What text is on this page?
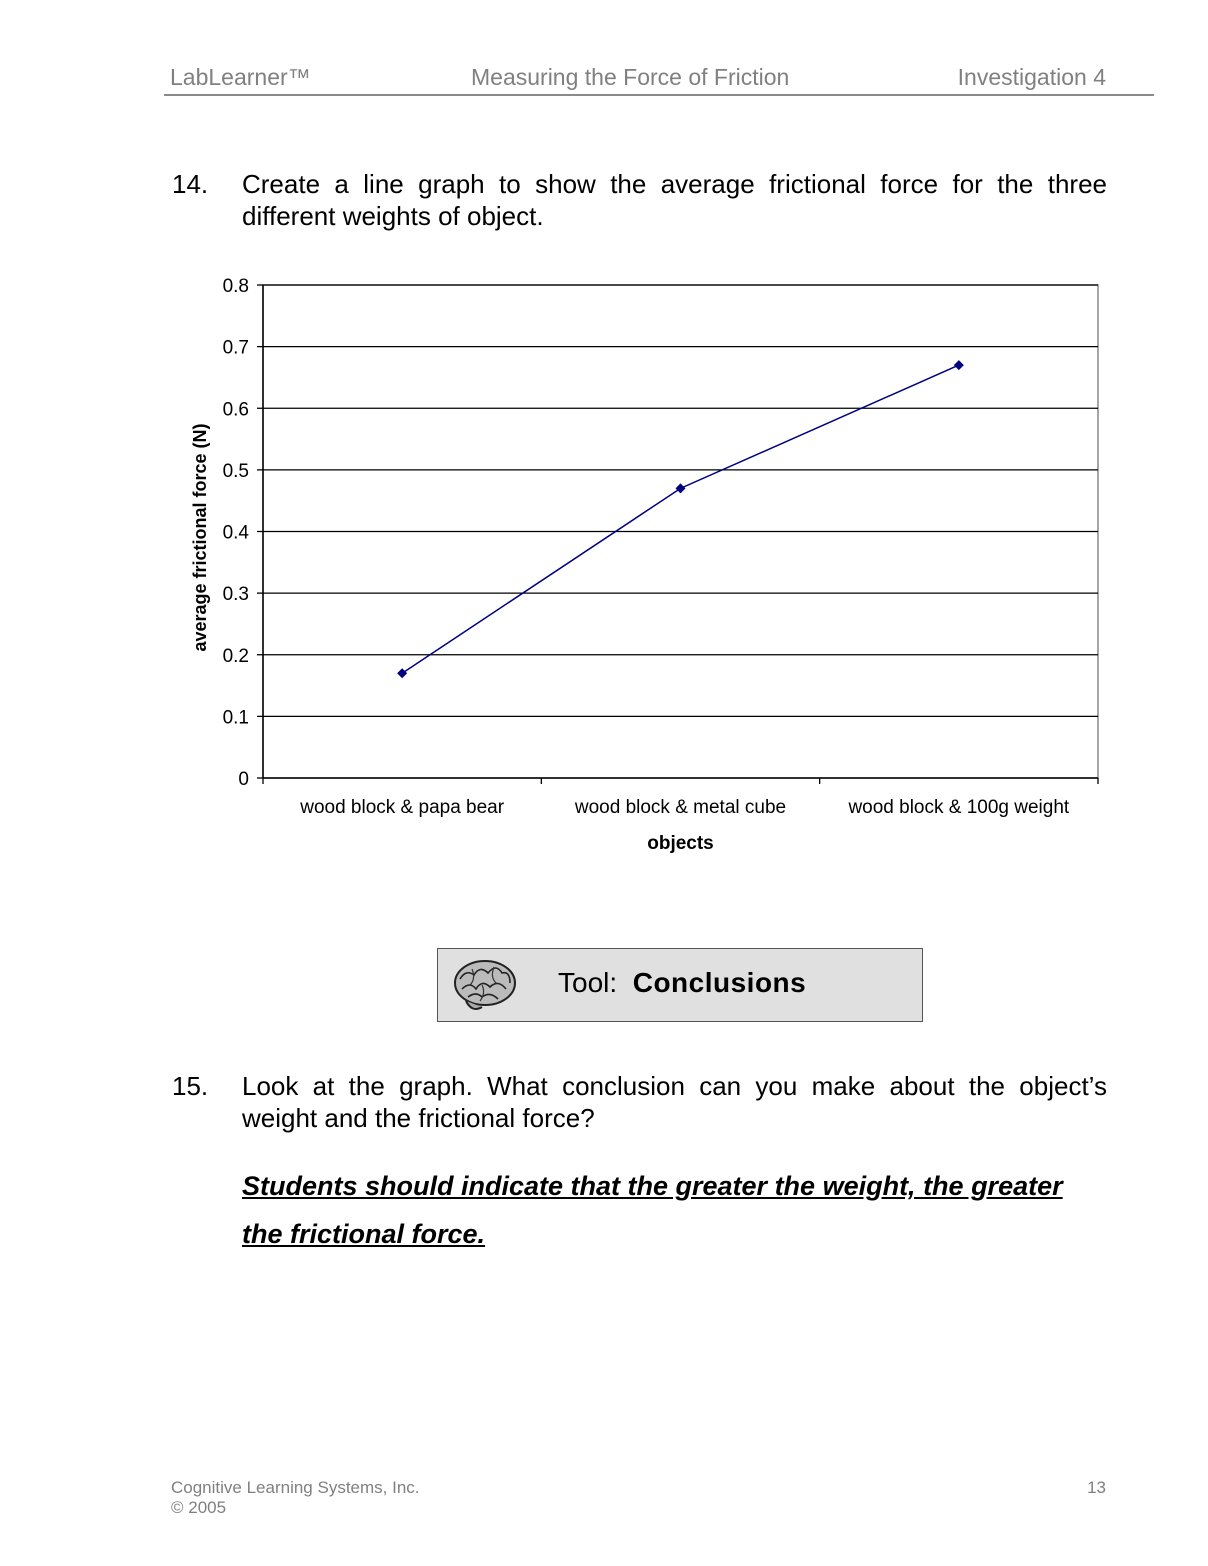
LabLearner™	Measuring the Force of Friction	Investigation 4
14. Create a line graph to show the average frictional force for the three different weights of object.
0
0.1
0.2
0.3
0.4
0.5
0.6
0.7
0.8
wood block & papa bear	wood block & metal cube	wood block & 100g weight
objects
average frictional force (N)
Tool: Conclusions
15. Look at the graph. What conclusion can you make about the object’s weight and the frictional force?
Students should indicate that the greater the weight, the greater the frictional force.
Cognitive Learning Systems, Inc.
© 2005
13
